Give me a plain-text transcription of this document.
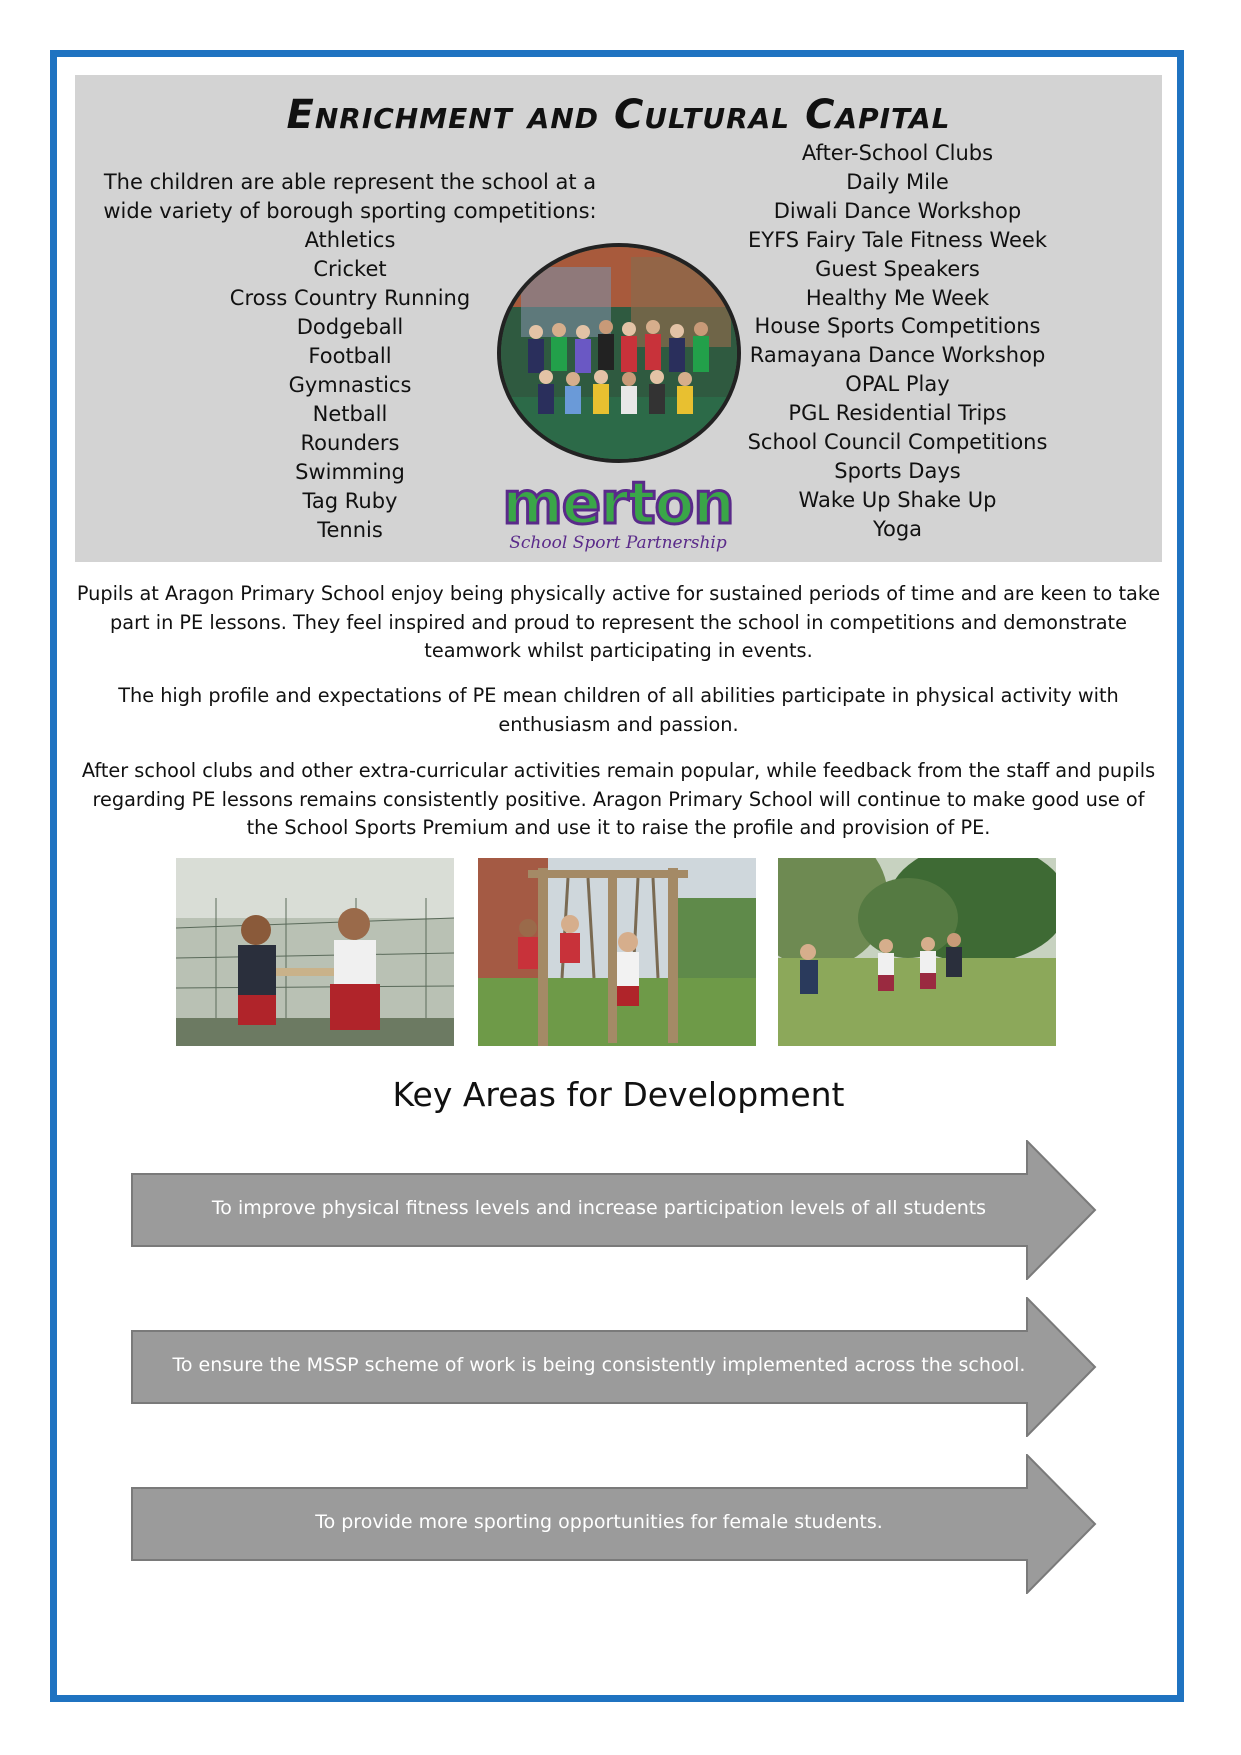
Enrichment and Cultural Capital
The children are able represent the school at a wide variety of borough sporting competitions:
Athletics
Cricket
Cross Country Running
Dodgeball
Football
Gymnastics
Netball
Rounders
Swimming
Tag Ruby
Tennis
After-School Clubs
Daily Mile
Diwali Dance Workshop
EYFS Fairy Tale Fitness Week
Guest Speakers
Healthy Me Week
House Sports Competitions
Ramayana Dance Workshop
OPAL Play
PGL Residential Trips
School Council Competitions
Sports Days
Wake Up Shake Up
Yoga
merton
School Sport Partnership

Pupils at Aragon Primary School enjoy being physically active for sustained periods of time and are keen to take part in PE lessons. They feel inspired and proud to represent the school in competitions and demonstrate teamwork whilst participating in events.

The high profile and expectations of PE mean children of all abilities participate in physical activity with enthusiasm and passion.

After school clubs and other extra-curricular activities remain popular, while feedback from the staff and pupils regarding PE lessons remains consistently positive. Aragon Primary School will continue to make good use of the School Sports Premium and use it to raise the profile and provision of PE.

Key Areas for Development
To improve physical fitness levels and increase participation levels of all students
To ensure the MSSP scheme of work is being consistently implemented across the school.
To provide more sporting opportunities for female students.
